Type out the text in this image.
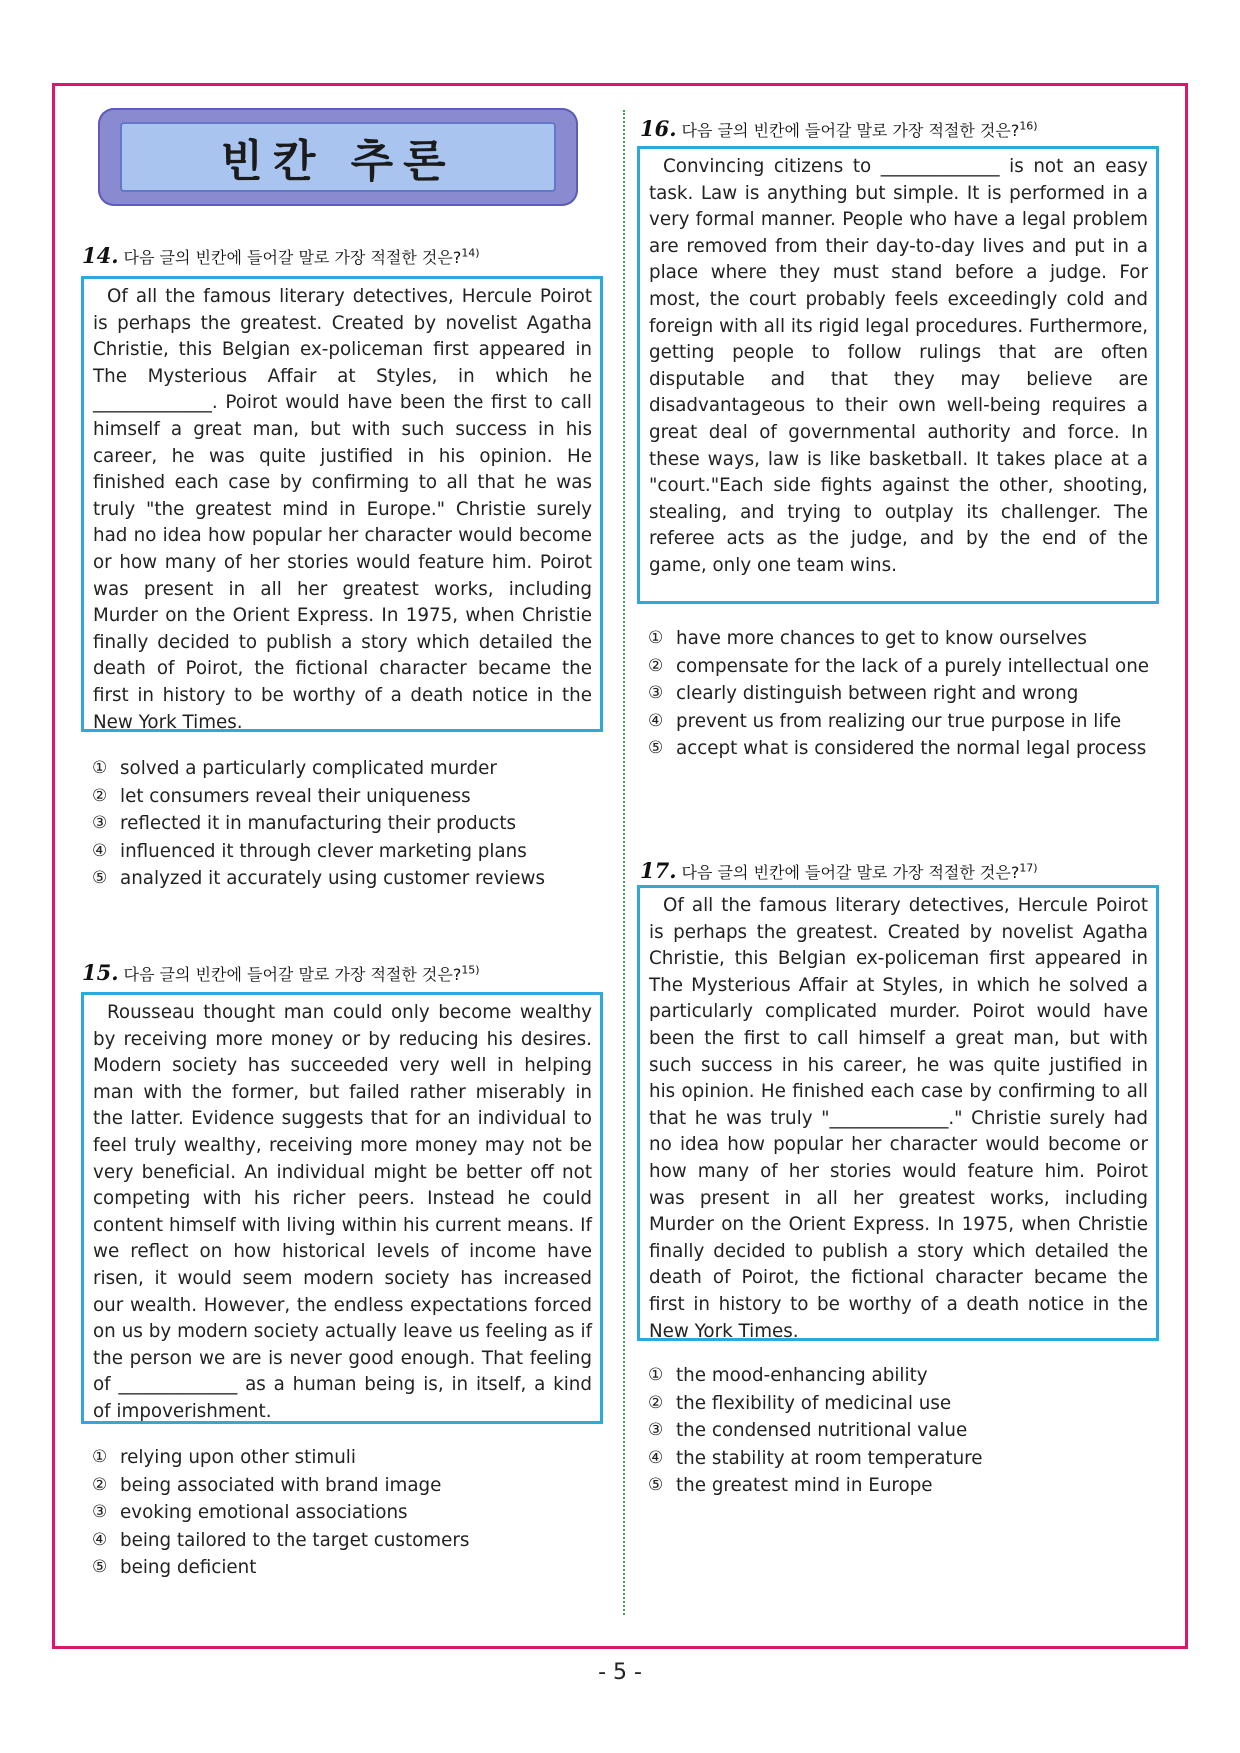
빈칸 추론
14. 다음 글의 빈칸에 들어갈 말로 가장 적절한 것은?$^{14)}$

Of all the famous literary detectives, Hercule Poirot is perhaps the greatest. Created by novelist Agatha Christie, this Belgian ex-policeman first appeared in The Mysterious Affair at Styles, in which he _____________. Poirot would have been the first to call himself a great man, but with such success in his career, he was quite justified in his opinion. He finished each case by confirming to all that he was truly "the greatest mind in Europe." Christie surely had no idea how popular her character would become or how many of her stories would feature him. Poirot was present in all her greatest works, including Murder on the Orient Express. In 1975, when Christie finally decided to publish a story which detailed the death of Poirot, the fictional character became the first in history to be worthy of a death notice in the New York Times.

① solved a particularly complicated murder
② let consumers reveal their uniqueness
③ reflected it in manufacturing their products
④ influenced it through clever marketing plans
⑤ analyzed it accurately using customer reviews
15. 다음 글의 빈칸에 들어갈 말로 가장 적절한 것은?$^{15)}$

Rousseau thought man could only become wealthy by receiving more money or by reducing his desires. Modern society has succeeded very well in helping man with the former, but failed rather miserably in the latter. Evidence suggests that for an individual to feel truly wealthy, receiving more money may not be very beneficial. An individual might be better off not competing with his richer peers. Instead he could content himself with living within his current means. If we reflect on how historical levels of income have risen, it would seem modern society has increased our wealth. However, the endless expectations forced on us by modern society actually leave us feeling as if the person we are is never good enough. That feeling of _____________ as a human being is, in itself, a kind of impoverishment.

① relying upon other stimuli
② being associated with brand image
③ evoking emotional associations
④ being tailored to the target customers
⑤ being deficient
16. 다음 글의 빈칸에 들어갈 말로 가장 적절한 것은?$^{16)}$

Convincing citizens to _____________ is not an easy task. Law is anything but simple. It is performed in a very formal manner. People who have a legal problem are removed from their day-to-day lives and put in a place where they must stand before a judge. For most, the court probably feels exceedingly cold and foreign with all its rigid legal procedures. Furthermore, getting people to follow rulings that are often disputable and that they may believe are disadvantageous to their own well-being requires a great deal of governmental authority and force. In these ways, law is like basketball. It takes place at a "court."Each side fights against the other, shooting, stealing, and trying to outplay its challenger. The referee acts as the judge, and by the end of the game, only one team wins.

① have more chances to get to know ourselves
② compensate for the lack of a purely intellectual one
③ clearly distinguish between right and wrong
④ prevent us from realizing our true purpose in life
⑤ accept what is considered the normal legal process
17. 다음 글의 빈칸에 들어갈 말로 가장 적절한 것은?$^{17)}$

Of all the famous literary detectives, Hercule Poirot is perhaps the greatest. Created by novelist Agatha Christie, this Belgian ex-policeman first appeared in The Mysterious Affair at Styles, in which he solved a particularly complicated murder. Poirot would have been the first to call himself a great man, but with such success in his career, he was quite justified in his opinion. He finished each case by confirming to all that he was truly "_____________." Christie surely had no idea how popular her character would become or how many of her stories would feature him. Poirot was present in all her greatest works, including Murder on the Orient Express. In 1975, when Christie finally decided to publish a story which detailed the death of Poirot, the fictional character became the first in history to be worthy of a death notice in the New York Times.

① the mood-enhancing ability
② the flexibility of medicinal use
③ the condensed nutritional value
④ the stability at room temperature
⑤ the greatest mind in Europe
- 5 -
